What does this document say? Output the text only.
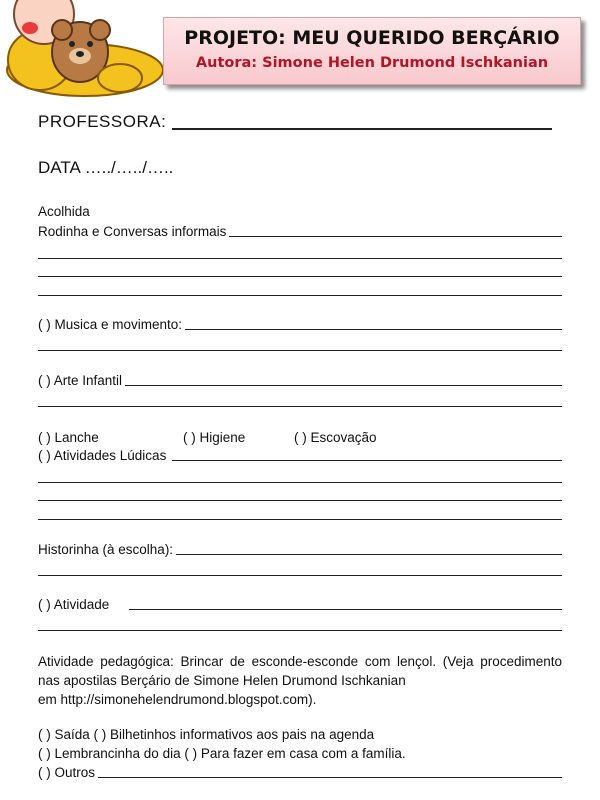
PROJETO: MEU QUERIDO BERÇÁRIO
Autora: Simone Helen Drumond Ischkanian
PROFESSORA:
DATA …../…../…..
Acolhida
Rodinha e Conversas informais
( ) Musica e movimento:
( ) Arte Infantil
( ) Lanche	( ) Higiene	( ) Escovação
( ) Atividades Lúdicas
Historinha (à escolha):
( ) Atividade
Atividade pedagógica: Brincar de esconde-esconde com lençol. (Veja procedimento nas apostilas Berçário de Simone Helen Drumond Ischkanian
em http://simonehelendrumond.blogspot.com).
( ) Saída ( ) Bilhetinhos informativos aos pais na agenda
( ) Lembrancinha do dia ( ) Para fazer em casa com a família.
( ) Outros
